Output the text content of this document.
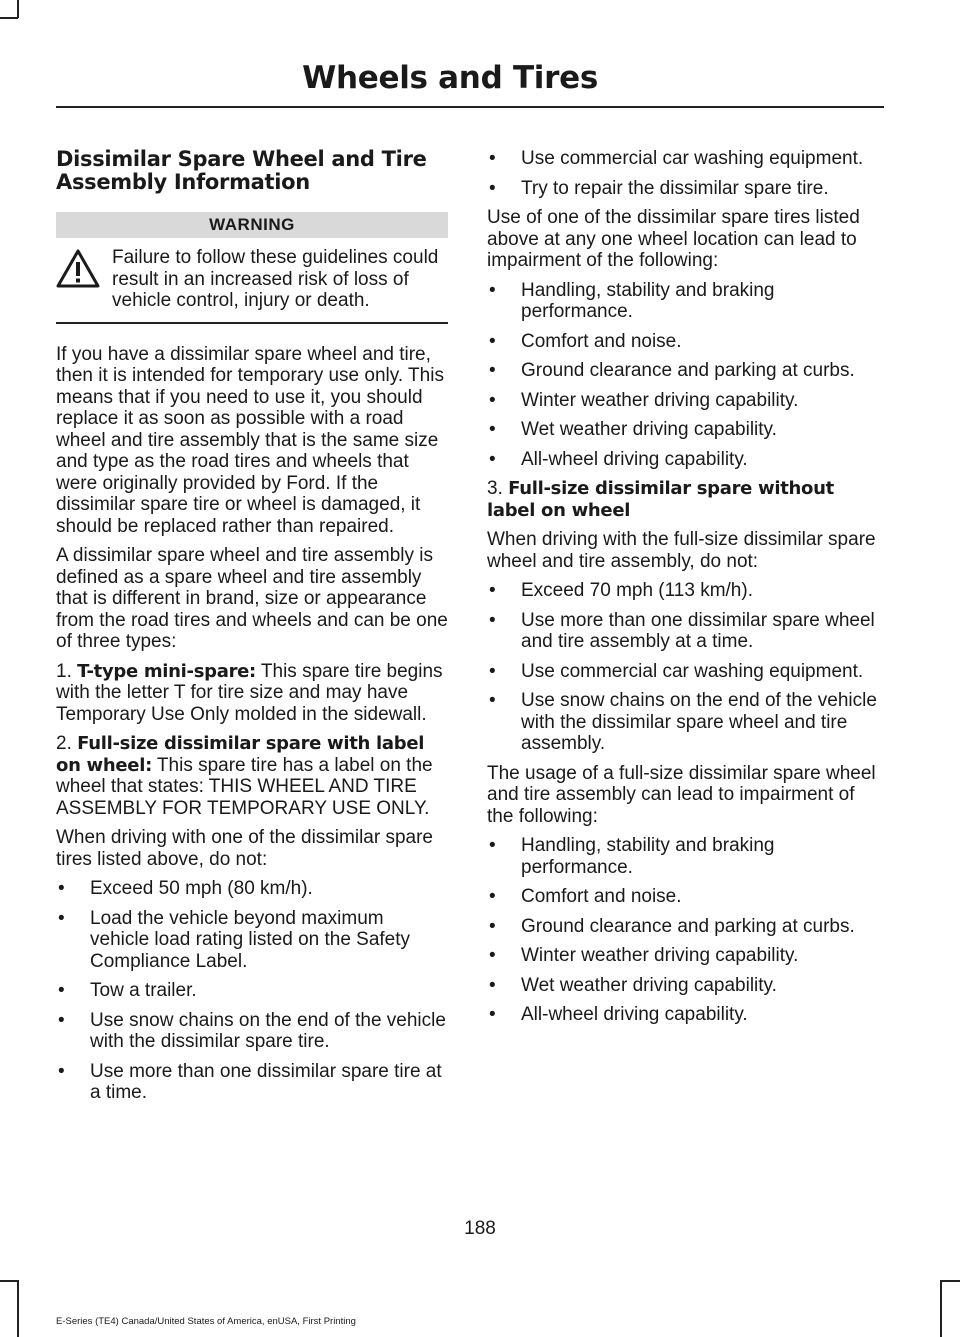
Wheels and Tires
Dissimilar Spare Wheel and Tire
Assembly Information
WARNING
Failure to follow these guidelines could result in an increased risk of loss of vehicle control, injury or death.

If you have a dissimilar spare wheel and tire, then it is intended for temporary use only. This means that if you need to use it, you should replace it as soon as possible with a road wheel and tire assembly that is the same size and type as the road tires and wheels that were originally provided by Ford. If the dissimilar spare tire or wheel is damaged, it should be replaced rather than repaired.

A dissimilar spare wheel and tire assembly is defined as a spare wheel and tire assembly that is different in brand, size or appearance from the road tires and wheels and can be one of three types:

1. T-type mini-spare: This spare tire begins with the letter T for tire size and may have Temporary Use Only molded in the sidewall.

2. Full-size dissimilar spare with label on wheel: This spare tire has a label on the wheel that states: THIS WHEEL AND TIRE ASSEMBLY FOR TEMPORARY USE ONLY.

When driving with one of the dissimilar spare tires listed above, do not:

• Exceed 50 mph (80 km/h).
• Load the vehicle beyond maximum vehicle load rating listed on the Safety Compliance Label.
• Tow a trailer.
• Use snow chains on the end of the vehicle with the dissimilar spare tire.
• Use more than one dissimilar spare tire at a time.
• Use commercial car washing equipment.
• Try to repair the dissimilar spare tire.

Use of one of the dissimilar spare tires listed above at any one wheel location can lead to impairment of the following:

• Handling, stability and braking performance.
• Comfort and noise.
• Ground clearance and parking at curbs.
• Winter weather driving capability.
• Wet weather driving capability.
• All-wheel driving capability.

3. Full-size dissimilar spare without label on wheel

When driving with the full-size dissimilar spare wheel and tire assembly, do not:

• Exceed 70 mph (113 km/h).
• Use more than one dissimilar spare wheel and tire assembly at a time.
• Use commercial car washing equipment.
• Use snow chains on the end of the vehicle with the dissimilar spare wheel and tire assembly.

The usage of a full-size dissimilar spare wheel and tire assembly can lead to impairment of the following:

• Handling, stability and braking performance.
• Comfort and noise.
• Ground clearance and parking at curbs.
• Winter weather driving capability.
• Wet weather driving capability.
• All-wheel driving capability.
188
E-Series (TE4) Canada/United States of America, enUSA, First Printing
